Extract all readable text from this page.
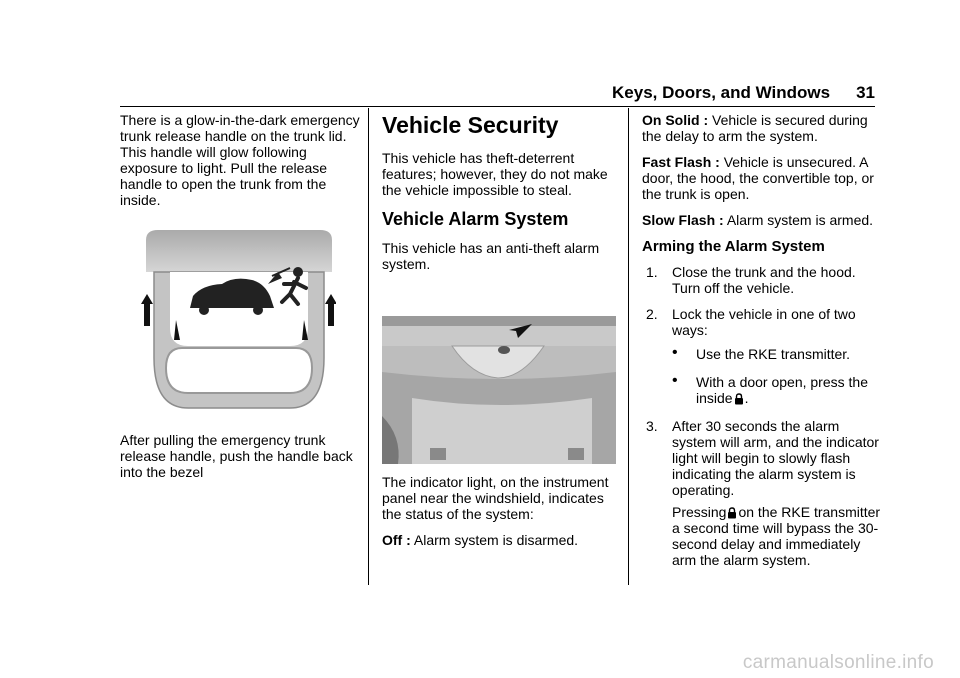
Keys, Doors, and Windows 31

There is a glow-in-the-dark emergency trunk release handle on the trunk lid. This handle will glow following exposure to light. Pull the release handle to open the trunk from the inside.

After pulling the emergency trunk release handle, push the handle back into the bezel

Vehicle Security

This vehicle has theft-deterrent features; however, they do not make the vehicle impossible to steal.

Vehicle Alarm System

This vehicle has an anti-theft alarm system.

The indicator light, on the instrument panel near the windshield, indicates the status of the system:

Off : Alarm system is disarmed.

On Solid : Vehicle is secured during the delay to arm the system.

Fast Flash : Vehicle is unsecured. A door, the hood, the convertible top, or the trunk is open.

Slow Flash : Alarm system is armed.

Arming the Alarm System
1. Close the trunk and the hood. Turn off the vehicle.
2. Lock the vehicle in one of two ways:
• Use the RKE transmitter.
• With a door open, press the inside .
3. After 30 seconds the alarm system will arm, and the indicator light will begin to slowly flash indicating the alarm system is operating.
Pressing on the RKE transmitter a second time will bypass the 30-second delay and immediately arm the alarm system.
carmanualsonline.info
